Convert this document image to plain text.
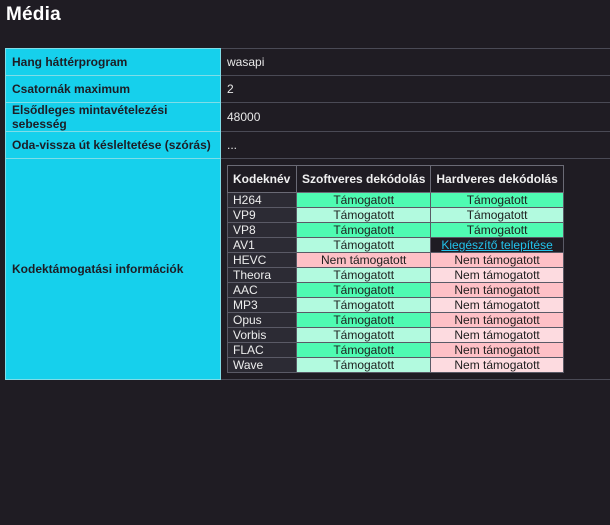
Média
Hang háttérprogram	wasapi
Csatornák maximum	2
Elsődleges mintavételezési sebesség	48000
Oda-vissza út késleltetése (szórás)	...
Kodektámogatási információk	
Kodeknév	Szoftveres dekódolás	Hardveres dekódolás
H264	Támogatott	Támogatott
VP9	Támogatott	Támogatott
VP8	Támogatott	Támogatott
AV1	Támogatott	Kiegészítő telepítése
HEVC	Nem támogatott	Nem támogatott
Theora	Támogatott	Nem támogatott
AAC	Támogatott	Nem támogatott
MP3	Támogatott	Nem támogatott
Opus	Támogatott	Nem támogatott
Vorbis	Támogatott	Nem támogatott
FLAC	Támogatott	Nem támogatott
Wave	Támogatott	Nem támogatott
